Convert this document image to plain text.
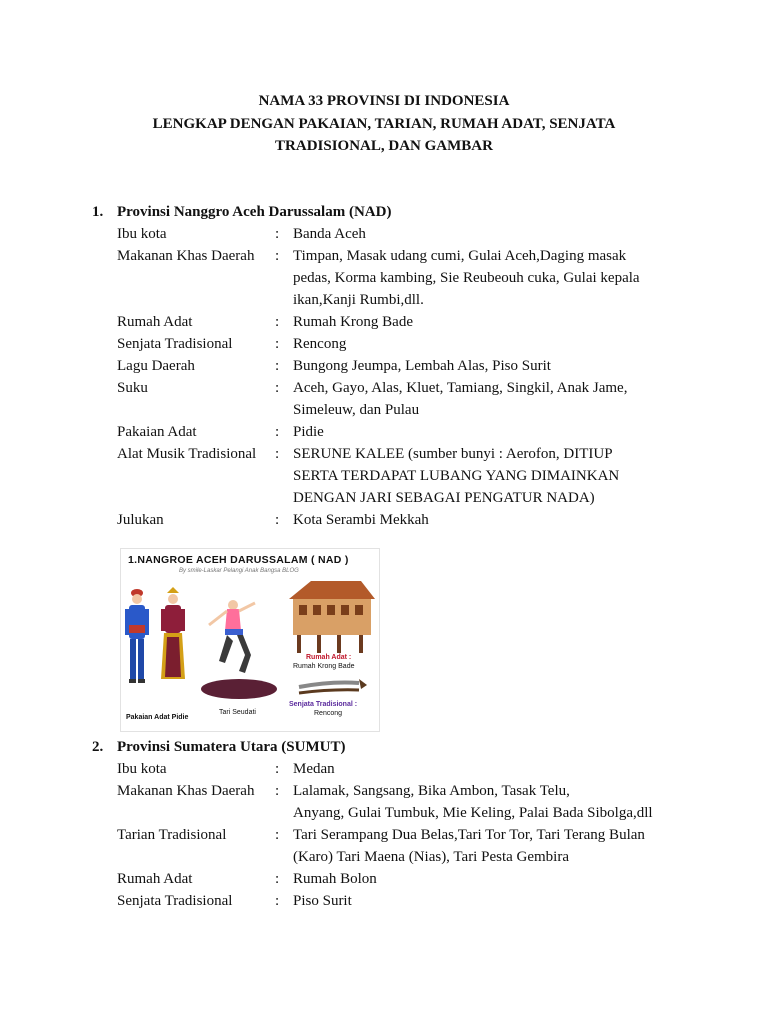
NAMA 33 PROVINSI DI INDONESIA
LENGKAP DENGAN PAKAIAN, TARIAN, RUMAH ADAT, SENJATA
TRADISIONAL, DAN GAMBAR
1. Provinsi Nanggro Aceh Darussalam (NAD)
Ibu kota	: Banda Aceh
Makanan Khas Daerah : Timpan, Masak udang cumi, Gulai Aceh,Daging masak
pedas, Korma kambing, Sie Reubeouh cuka, Gulai kepala
ikan,Kanji Rumbi,dll.
Rumah Adat	: Rumah Krong Bade
Senjata Tradisional	: Rencong
Lagu Daerah	: Bungong Jeumpa, Lembah Alas, Piso Surit
Suku	: Aceh, Gayo, Alas, Kluet, Tamiang, Singkil, Anak Jame,
Simeleuw, dan Pulau
Pakaian Adat	: Pidie
Alat Musik Tradisional : SERUNE KALEE (sumber bunyi : Aerofon, DITIUP
SERTA TERDAPAT LUBANG YANG DIMAINKAN
DENGAN JARI SEBAGAI PENGATUR NADA)
Julukan	: Kota Serambi Mekkah
1.NANGROE ACEH DARUSSALAM ( NAD )
By smile-Laskar Pelangi Anak Bangsa BLOG
Pakaian Adat Pidie
Tari Seudati
Rumah Adat :
Rumah Krong Bade
Senjata Tradisional :
Rencong
2. Provinsi Sumatera Utara (SUMUT)
Ibu kota	: Medan
Makanan Khas Daerah : Lalamak, Sangsang, Bika Ambon, Tasak Telu,
Anyang, Gulai Tumbuk, Mie Keling, Palai Bada Sibolga,dll
Tarian Tradisional	: Tari Serampang Dua Belas,Tari Tor Tor, Tari Terang Bulan
(Karo) Tari Maena (Nias), Tari Pesta Gembira
Rumah Adat	: Rumah Bolon
Senjata Tradisional	: Piso Surit
